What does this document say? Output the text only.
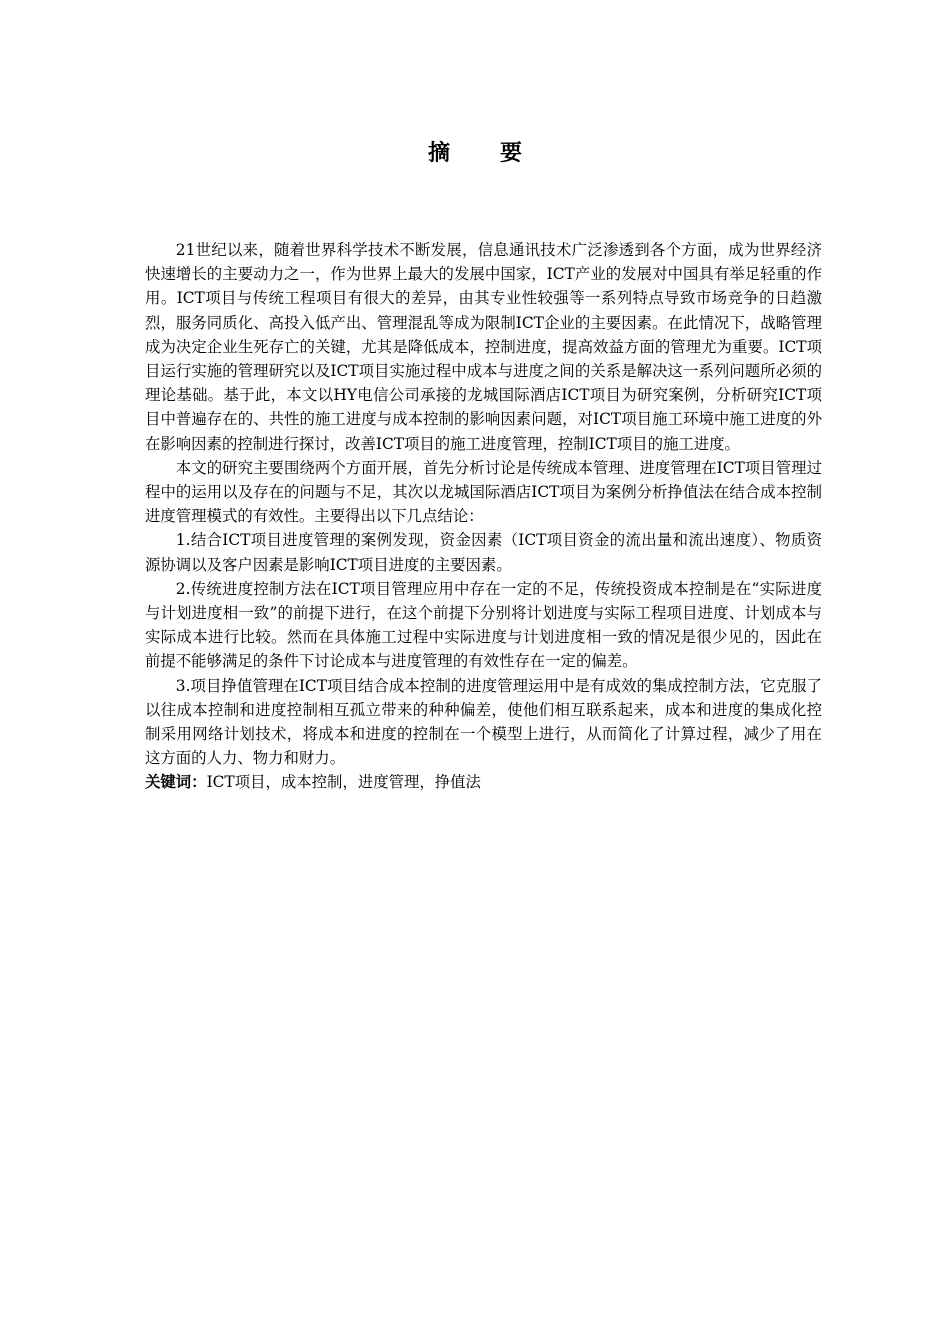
摘　要

21世纪以来，随着世界科学技术不断发展，信息通讯技术广泛渗透到各个方面，成为世界经济快速增长的主要动力之一，作为世界上最大的发展中国家，ICT产业的发展对中国具有举足轻重的作用。ICT项目与传统工程项目有很大的差异，由其专业性较强等一系列特点导致市场竞争的日趋激烈，服务同质化、高投入低产出、管理混乱等成为限制ICT企业的主要因素。在此情况下，战略管理成为决定企业生死存亡的关键，尤其是降低成本，控制进度，提高效益方面的管理尤为重要。ICT项目运行实施的管理研究以及ICT项目实施过程中成本与进度之间的关系是解决这一系列问题所必须的理论基础。基于此，本文以HY电信公司承接的龙城国际酒店ICT项目为研究案例，分析研究ICT项目中普遍存在的、共性的施工进度与成本控制的影响因素问题，对ICT项目施工环境中施工进度的外在影响因素的控制进行探讨，改善ICT项目的施工进度管理，控制ICT项目的施工进度。

本文的研究主要围绕两个方面开展，首先分析讨论是传统成本管理、进度管理在ICT项目管理过程中的运用以及存在的问题与不足，其次以龙城国际酒店ICT项目为案例分析挣值法在结合成本控制进度管理模式的有效性。主要得出以下几点结论：

1.结合ICT项目进度管理的案例发现，资金因素（ICT项目资金的流出量和流出速度）、物质资源协调以及客户因素是影响ICT项目进度的主要因素。

2.传统进度控制方法在ICT项目管理应用中存在一定的不足，传统投资成本控制是在“实际进度与计划进度相一致”的前提下进行，在这个前提下分别将计划进度与实际工程项目进度、计划成本与实际成本进行比较。然而在具体施工过程中实际进度与计划进度相一致的情况是很少见的，因此在前提不能够满足的条件下讨论成本与进度管理的有效性存在一定的偏差。

3.项目挣值管理在ICT项目结合成本控制的进度管理运用中是有成效的集成控制方法，它克服了以往成本控制和进度控制相互孤立带来的种种偏差，使他们相互联系起来，成本和进度的集成化控制采用网络计划技术，将成本和进度的控制在一个模型上进行，从而简化了计算过程，减少了用在这方面的人力、物力和财力。

关键词：ICT项目，成本控制，进度管理，挣值法
